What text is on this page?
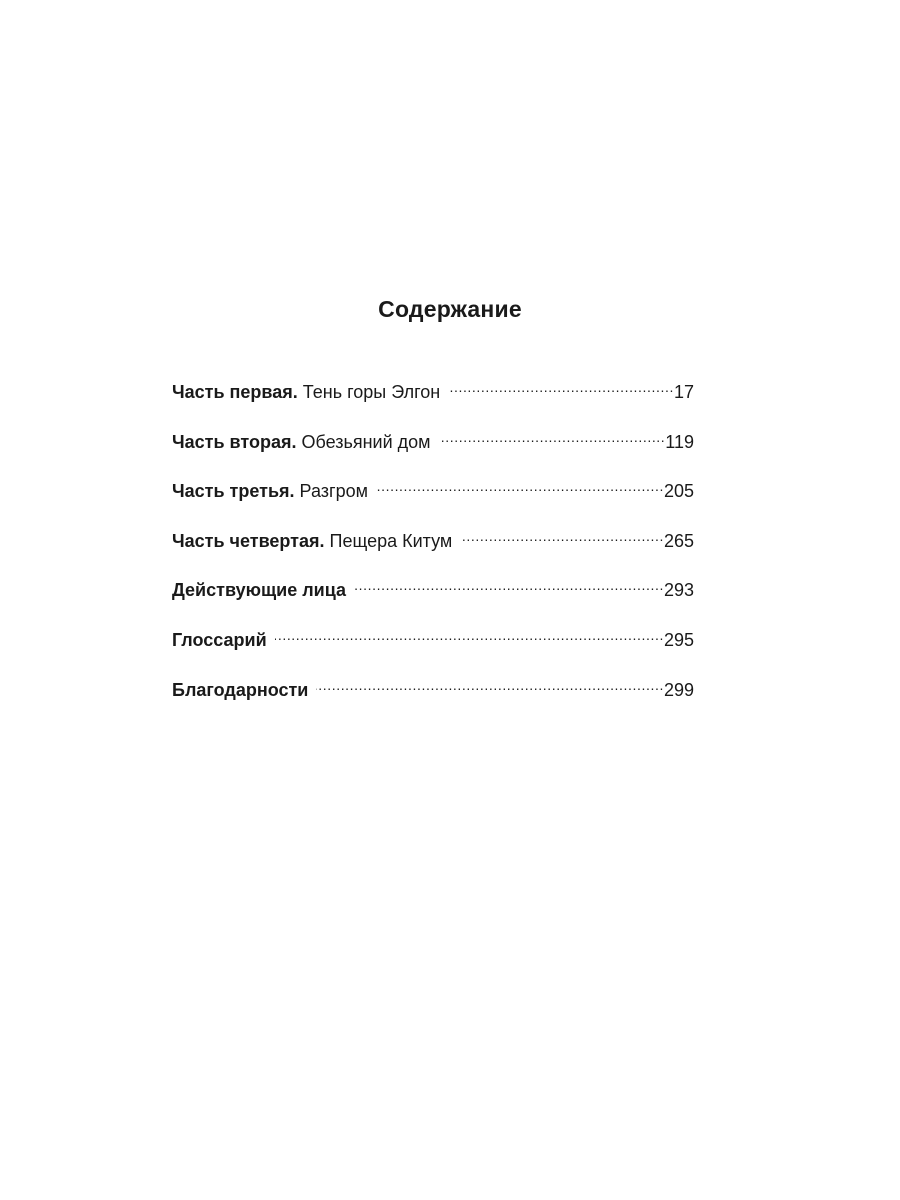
Содержание
Часть первая. Тень горы Элгон .....	17
Часть вторая. Обезьяний дом .....	119
Часть третья. Разгром .....	205
Часть четвертая. Пещера Китум .....	265
Действующие лица .....	293
Глоссарий .....	295
Благодарности .....	299
